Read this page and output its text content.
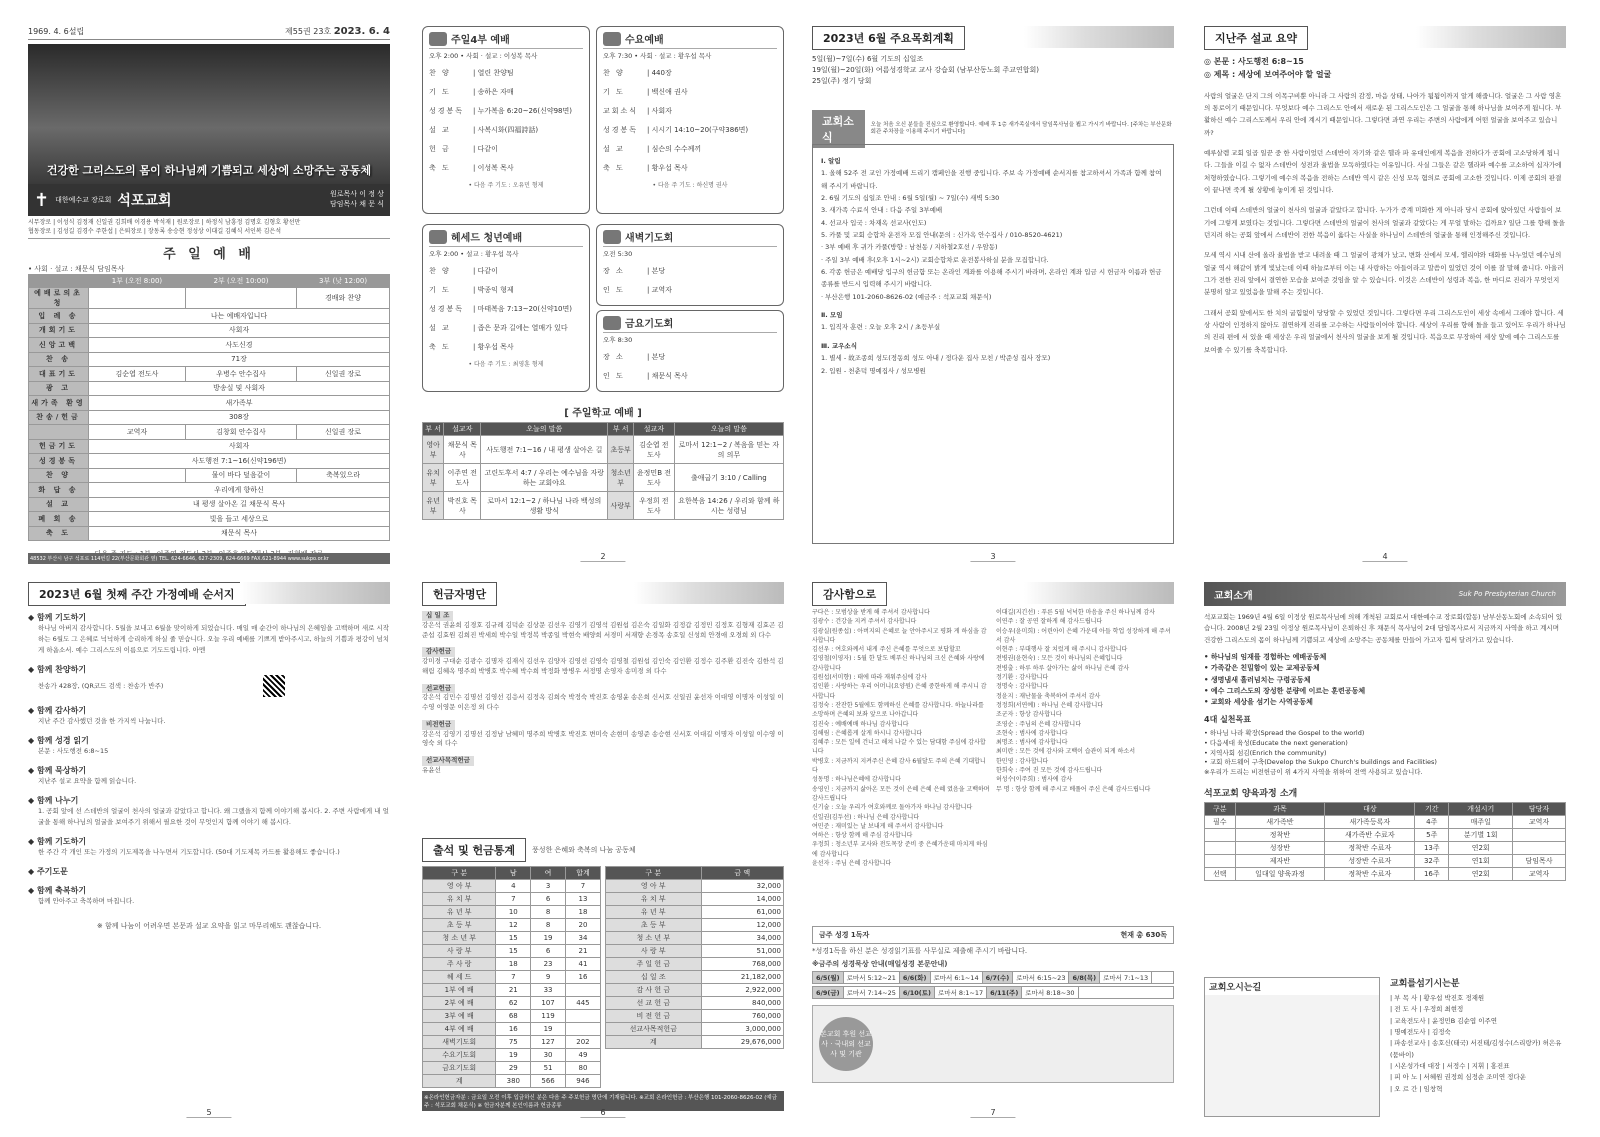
1969. 4. 6설립	제55권 23호 2023. 6. 4
건강한 그리스도의 몸이 하나님께 기쁨되고 세상에 소망주는 공동체
✝ 대한예수교 장로회 석포교회	원로목사 이 정 상
담임목사 채 문 식
시무장로 | 이성식 김정재 신일권 김희배 이경용 박석재 | 원로장로 | 하정식 남흥정 김명호 김형호 황선만
협동장로 | 김성길 김경수 주한섭 | 은퇴장로 | 장동록 송승현 정성상 이대길 김혜식 서인복 김은석
주 일 예 배
• 사회 · 설교 : 채문식 담임목사
	1부 (오전 8:00)	2부 (오전 10:00)	3부 (낮 12:00)
예배로의초청			경배와 찬양
입 례 송	나는 예배자입니다		
개회기도	사회자		
신앙고백	사도신경		
찬 송	71장		
대표기도	김순엽 전도사	우병수 안수집사	신일권 장로
광 고	방송실 및 사회자		
새가족 환영	새가족부		
찬송/헌금	308장		
	교역자	김창회 안수집사	신일권 장로
헌금기도	사회자		
성경봉독	사도행전 7:1~16(신약196면)		
찬 양		물이 바다 덮음같이	축복있으라
화 답 송	우리에게 향하신		
설 교	내 평생 살아온 길 채문식 목사		
폐 회 송	빛을 들고 세상으로		
축 도	채문식 목사		
48532 부산시 남구 석포로 114번길 22(부산문화회관 옆) TEL. 624-6646, 627-2309, 624-6669 FAX.621-8944 www.sukpo.or.kr
주일4부 예배
오후 2:00 • 사회 · 설교 : 이성복 목사
찬 양	| 열린 찬양팀
기 도	| 송하은 자매
성경봉독	| 누가복음 6:20~26(신약98면)
설 교	| 사복시화(四福詩話)
헌 금	| 다같이
축 도	| 이성복 목사
• 다음 주 기도 : 오유민 형제
수요예배
오후 7:30 • 사회 · 설교 : 황우섭 목사
찬 양	| 440장
기 도	| 백신애 권사
교회소식	| 사회자
성경봉독	| 시시기 14:10~20(구약386면)
설 교	| 심슨의 수수께끼
축 도	| 황우섭 목사
• 다음 주 기도 : 하신명 권사
헤세드 청년예배
오후 2:00 • 설교 : 황우섭 목사
찬 양	| 다같이
기 도	| 박종익 형제
성경봉독	| 마태복음 7:13~20(신약10면)
설 교	| 좁은 문과 길에는 열매가 있다
축 도	| 황우섭 목사
• 다음 주 기도 : 최영훈 형제
새벽기도회
오전 5:30
장 소	| 본당
인 도	| 교역자
금요기도회
오후 8:30
장 소	| 본당
인 도	| 채문식 목사
[ 주일학교 예배 ]
부 서	설교자	오늘의 말씀	부 서	설교자	오늘의 말씀
영아부	채문식 목 사	사도행전 7:1~16 / 내 평생 살아온 길	초등부	김순엽 전도사	로마서 12:1~2 / 복음을 믿는 자의 의무
유치부	이주연 전도사	고린도후서 4:7 / 우리는 예수님을 자랑하는 교회야요	청소년부	윤정민B 전도사	출애굽기 3:10 / Calling
유년부	박진호 목 사	로마서 12:1~2 / 하나님 나라 백성의 생활 방식	사랑부	우정희 전도사	요한복음 14:26 / 우리와 함께 하시는 성령님
2
2023년 6월 주요목회계획
5일(월)~7일(수) 6월 기도의 십일조
19일(월)~20일(화) 여름성경학교 교사 강습회 (남부산동노회 주교연합회)
25일(주) 정기 당회
교회소식
오늘 처음 오신 분들을 진심으로 환영합니다. 예배 후 1층 새가족실에서 담임목사님을 뵙고 가시기 바랍니다. [주차는 부산문화회관 주차장을 이용해 주시기 바랍니다]
Ⅰ. 알림
1. 올해 52주 전 교인 가정예배 드리기 캠페인을 진행 중입니다. 주보 속 가정예배 순서지를 참고하셔서 가족과 함께 참여해 주시기 바랍니다.
2. 6월 기도의 십일조 안내 : 6월 5일(월) ~ 7일(수) 새벽 5:30
3. 새가족 수료식 안내 : 다음 주일 3부예배
4. 선교사 입국 : 차재옥 선교사(인도)
5. 카풀 및 교회 승합차 운전자 모집 안내(문의 : 신가옥 안수집사 / 010-8520-4621)
· 3부 예배 후 귀가 카풀(방향 : 남천동 / 지하철2호선 / 우암동)
· 주일 3부 예배 후(오후 1시~2시) 교회승합차로 운전봉사하실 분을 모집합니다.
6. 각종 헌금은 예배당 입구의 헌금함 또는 온라인 계좌를 이용해 주시기 바라며, 온라인 계좌 입금 시 헌금자 이름과 헌금 종류를 반드시 입력해 주시기 바랍니다.
· 부산은행 101-2060-8626-02 (예금주 : 석포교회 채문식)
Ⅱ. 모임
1. 입직자 훈련 : 오늘 오후 2시 / 초등부실
Ⅲ. 교우소식
1. 별세 - 故조종희 성도(정동희 성도 아내 / 정다운 집사 모친 / 박준성 집사 장모)
2. 입원 - 천춘덕 명예집사 / 성모병원
3
지난주 설교 요약
◎ 본문 : 사도행전 6:8~15
◎ 제목 : 세상에 보여주어야 할 얼굴

사람의 얼굴은 단지 그의 이목구비뿐 아니라 그 사람의 감정, 마음 상태, 나아가 됨됨이까지 알게 해줍니다. 얼굴은 그 사람 영혼의 통로이기 때문입니다. 무엇보다 예수 그리스도 안에서 새로운 된 그리스도인은 그 얼굴을 통해 하나님을 보여주게 됩니다. 부활하신 예수 그리스도께서 우리 안에 계시기 때문입니다. 그렇다면 과연 우리는 주변의 사람에게 어떤 얼굴을 보여주고 있습니까?

예루살렘 교회 일곱 일꾼 중 한 사람이었던 스데반이 자기와 같은 헬라 파 유대인에게 복음을 전하다가 공회에 고소당하게 됩니다. 그들을 이길 수 없자 스데반이 성전과 율법을 모독하였다는 이유입니다. 사실 그들은 같은 헬라파 예수를 고소하여 십자가에 처형하였습니다. 그렇기에 예수의 복음을 전하는 스데반 역시 같은 신성 모독 혐의로 공회에 고소한 것입니다. 이제 공회의 판결이 끝나면 죽게 될 상황에 놓이게 된 것입니다.

그런데 이때 스데반의 얼굴이 천사의 얼굴과 같았다고 합니다. 누가가 증계 미화한 게 아니라 당시 공회에 앉아있던 사람들이 보기에 그렇게 보였다는 것입니다. 그렇다면 스데반의 얼굴이 천사의 얼굴과 같았다는 게 무얼 말하는 겁까요? 일단 그를 향해 돌을 던지려 하는 공회 앞에서 스데반이 전한 복음이 옳다는 사실을 하나님이 스데반의 얼굴을 통해 인정해주신 것입니다.

모세 역시 시내 산에 올라 율법을 받고 내려올 때 그 얼굴이 광채가 났고, 변화 산에서 모세, 엘리야와 대화를 나누었던 예수님의 얼굴 역시 해같이 밝게 빛났는데 이때 하늘로부터 이는 내 사랑하는 아들이라고 말씀이 있었던 것이 이를 잘 말해 줍니다. 아울러 그가 전한 진리 앞에서 결연한 모습을 보여준 것임을 알 수 있습니다. 이것은 스데반이 성령과 복음, 한 마디로 진리가 무엇인지 분명히 알고 있었음을 말해 주는 것입니다.

그래서 공회 앞에서도 한 치의 굽힘없이 당당할 수 있었던 것입니다. 그렇다면 우리 그리스도인이 세상 속에서 그래야 합니다. 세상 사람이 인정하지 않아도 결연하게 진리를 고수하는 사람들이어야 합니다. 세상이 우리를 향해 돌을 들고 있어도 우리가 하나님의 진리 편에 서 있을 때 세상은 우리 얼굴에서 천사의 얼굴을 보게 될 것입니다. 복음으로 무장하여 세상 앞에 예수 그리스도를 보여줄 수 있기를 축복합니다.

4
2023년 6월 첫째 주간 가정예배 순서지
◆ 함께 기도하기
하나님 아버지 감사합니다. 5월을 보내고 6월을 맞이하게 되었습니다. 매일 매 순간이 하나님의 은혜임을 고백하며 새로 시작하는 6월도 그 은혜로 넉넉하게 승리하게 하실 줄 믿습니다. 오늘 우리 예배를 기쁘게 받아주시고, 하늘의 기쁨과 평강이 넘치게 하옵소서. 예수 그리스도의 이름으로 기도드립니다. 아멘
◆ 함께 찬양하기
찬송가 428장, (QR코드 검색 : 찬송가 반주)
◆ 함께 감사하기
지난 주간 감사했던 것을 한 가지씩 나눕니다.
◆ 함께 성경 읽기
본문 : 사도행전 6:8~15
◆ 함께 묵상하기
지난주 설교 요약을 함께 읽습니다.
◆ 함께 나누기
1. 공회 앞에 선 스데반의 얼굴이 천사의 얼굴과 같았다고 합니다. 왜 그랬을지 함께 이야기해 봅시다. 2. 주변 사람에게 내 얼굴을 통해 하나님의 얼굴을 보여주기 위해서 필요한 것이 무엇인지 함께 이야기 해 봅시다.
◆ 함께 기도하기
한 주간 각 개인 또는 가정의 기도제목을 나누면서 기도합니다. (50대 기도제목 카드를 활용해도 좋습니다.)
◆ 주기도문
◆ 함께 축복하기
함께 안아주고 축복하며 마칩니다.
※ 함께 나눔이 어려우면 본문과 설교 요약을 읽고 마무리해도 괜찮습니다.
5
헌금자명단
십 일 조
강은석 권윤희 김경호 김규례 김덕순 김상문 김선우 김영기 김영석 김원섭 김은숙 김일화 김정갑 김정민 김정호 김형재 김효곤 김준섭 김효원 김희진 박세희 박수일 박정복 박종일 박현숙 배양희 서경미 서재향 손경목 송호일 신성희 안경애 오경희 외 다수
감사헌금
강미경 구대순 김광수 김명자 김재식 김선우 김양자 김영선 김영숙 김영철 김원섭 김인숙 김인환 김정수 김주환 김진숙 김한석 김해림 김혜옥 명주희 박병호 박수혜 박수희 박정화 방병우 서정명 손영자 송미경 외 다수
선교헌금
강은석 김민수 김명선 김영선 김응서 김정옥 김희숙 박정숙 박진호 송영윤 송은희 신서호 신일권 윤선자 이대영 이명자 이성일 이수영 이영문 이은정 외 다수
비전헌금
강은석 김영기 김명선 김정남 남혜미 명주희 박병호 박진호 변미숙 손현미 송영준 송승현 신서호 이대길 이명자 이성일 이수영 이영숙 외 다수
선교사목적헌금
유윤선
출석 및 헌금통계	풍성한 은혜와 축복의 나눔 공동체
구 분	남	여	합계
영 아 부	4	3	7
유 치 부	7	6	13
유 년 부	10	8	18
초 등 부	12	8	20
청 소 년 부	15	19	34
사 랑 부	15	6	21
주 사 랑	18	23	41
헤 세 드	7	9	16
1부 예 배	21	33	
2부 예 배	62	107	445
3부 예 배	68	119	
4부 예 배	16	19	
새벽기도회	75	127	202
수요기도회	19	30	49
금요기도회	29	51	80
계	380	566	946
구 분	금 액
영 아 부	32,000
유 치 부	14,000
유 년 부	61,000
초 등 부	12,000
청 소 년 부	34,000
사 랑 부	51,000
주 일 헌 금	768,000
십 일 조	21,182,000
감 사 헌 금	2,922,000
선 교 헌 금	840,000
비 전 헌 금	760,000
선교사목적헌금	3,000,000
계	29,676,000
※온라인헌금자분 : 금요일 오전 이후 입금하신 분은 다음 주 주보헌금 명단에 기재됩니다. ※교회 온라인헌금 : 부산은행 101-2060-8626-02 (예금주 : 석포교회 채문식) ※ 헌금자분께 본인이름과 헌금종류
6
감사함으로
구다은 : 모범상을 받게 해 주셔서 감사합니다
김광수 : 건강을 지켜 주셔서 감사합니다
김광실(원종섭) : 아버지의 은혜로 늘 안아주시고 평화 게 하심을 감사합니다
김선우 : 여호와께서 내게 주신 은혜를 무엇으로 보답할꼬
김영철(이영자) : 5월 한 달도 베푸신 하나님의 크신 은혜와 사랑에 감사합니다
김원섭(서미향) : 태에 따라 재워주심에 감사
김인환 : 사랑하는 우리 어머니(요양원) 은혜 중한하게 해 주시니 감사합니다
김정숙 : 잔잔한 5월에도 함께하신 은혜를 감사합니다. 하늘나라를 소망하며 은혜의 보좌 앞으로 나아갑니다
김진숙 : 예배예배 하나님 감사합니다
김해림 : 은혜롭게 살게 하시니 감사합니다
김혜주 : 모든 일에 건너고 해쳐 나갈 수 있는 담대함 주심에 감사합니다
박병호 : 지금까지 지켜주신 은혜 감사 6월달도 주의 은혜 기대합니다
성동명 : 하나님은혜에 감사합니다
송영인 : 지금까지 삶아온 모든 것이 은혜 은혜 은혜 였음을 고백하며 감사드립니다
신기술 : 오늘 우리가 여호와께로 돌아가자 하나님 감사합니다
신일권(김두선) : 하나님 은혜 감사합니다
여민준 : 재미있는 날 보내게 해 주셔서 감사합니다
여하은 : 항상 함께 해 주심 감사합니다
우정희 : 청소년부 교사와 전도목장 준비 중 은혜가운데 마치게 하심에 감사합니다
윤선자 : 주님 은혜 감사합니다
이대길(지긴선) : 푸른 5월 넉넉한 마음을 주신 하나님께 감사
이연주 : 잘 공연 잘하게 해 감사드립니다
이승우(윤미희) : 어린아이 은혜 가운데 아들 학업 성장하게 해 주셔서 감사
이현주 : 부대행사 잘 치렀게 해 주시니 감사합니다
전병권(윤현숙) : 모든 것이 하나님의 은혜입니다
전병출 : 하루 하루 살아가는 삶이 하나님 은혜 감사
정기환 : 감사합니다
정명숙 : 감사합니다
정윤지 : 재난물을 축복하여 주셔서 감사
정정희(서연예) : 하나님 은혜 감사합니다
조군자 : 항상 감사합니다
조영순 : 주님의 은혜 감사합니다
조현숙 : 범사에 감사합니다
최명조 : 범사에 감사합니다
최미란 : 모든 것에 감사와 고백이 습관이 되게 하소서
한민영 : 감사합니다
한희숙 : 주여 진 모든 것에 감사드립니다
허성수(이주희) : 범사에 감사
무 명 : 항상 함께 해 주시고 베풀어 주신 은혜 감사드립니다
금주 성경 1독자	현재 총 630독
*성경1독을 하신 분은 성경읽기표를 사무실로 제출해 주시기 바랍니다.
※금주의 성경묵상 안내(매일성경 본문안내)
6/5(월)	로마서 5:12~21	6/6(화)	로마서 6:1~14	6/7(수)	로마서 6:15~23	6/8(목)	로마서 7:1~13
6/9(금)	로마서 7:14~25	6/10(토)	로마서 8:1~17	6/11(주)	로마서 8:18~30
본교회 후원 선교사 · 국내외 선교사 및 기관
7
교회소개	Suk Po Presbyterian Church
석포교회는 1969년 4월 6일 이정상 원로목사님에 의해 개척된 교회로서 대한예수교 장로회(합동) 남부산동노회에 소속되어 있습니다. 2008년 2월 23일 이정상 원로목사님이 은퇴하신 후 채문식 목사님이 2대 담임목사로서 지금까지 사역을 하고 계시며 건강한 그리스도의 몸이 하나님께 기쁨되고 세상에 소망주는 공동체를 만들어 가고자 힘써 달려가고 있습니다.
• 하나님의 임재를 경험하는 예배공동체
• 가족같은 친밀함이 있는 교제공동체
• 생명냄새 흘러넘치는 구령공동체
• 예수 그리스도의 장성한 분량에 이르는 훈련공동체
• 교회와 세상을 섬기는 사역공동체
4대 실천목표
• 하나님 나라 확장(Spread the Gospel to the world)
• 다음세대 육성(Educate the next generation)
• 지역사회 섬김(Enrich the community)
• 교회 하드웨어 구축(Develop the Sukpo Church's buildings and Facilities)
※우리가 드리는 비전헌금이 위 4가지 사역을 위하여 전액 사용되고 있습니다.
석포교회 양육과정 소개
구분	과목	대상	기간	개설시기	담당자
필수	새가족반	새가족등록자	4주	매주일	교역자
	정착반	새가족반 수료자	5주	분기별 1회	
	성장반	정착반 수료자	13주	연2회	
	제자반	성장반 수료자	32주	연1회	담임목사
선택	일대일 양육과정	정착반 수료자	16주	연2회	교역자
교회오시는길	교회를섬기시는분
| 부 목 사 | 황우섭 박진호 정재원
| 전 도 사 | 우정희 최현정
| 교육전도사 | 윤정민B 김순엽 이주연
| 명예전도사 | 김정숙
| 파송선교사 | 송호신(태국) 서진태/김성수(스리랑카) 허은유(뭄바이)
| 시온성가대 대장 | 서정수 | 지휘 | 홍진표
| 피 아 노 | 서혜원 권정희 심정순 조미연 정다운
| 오 르 간 | 임창혁
